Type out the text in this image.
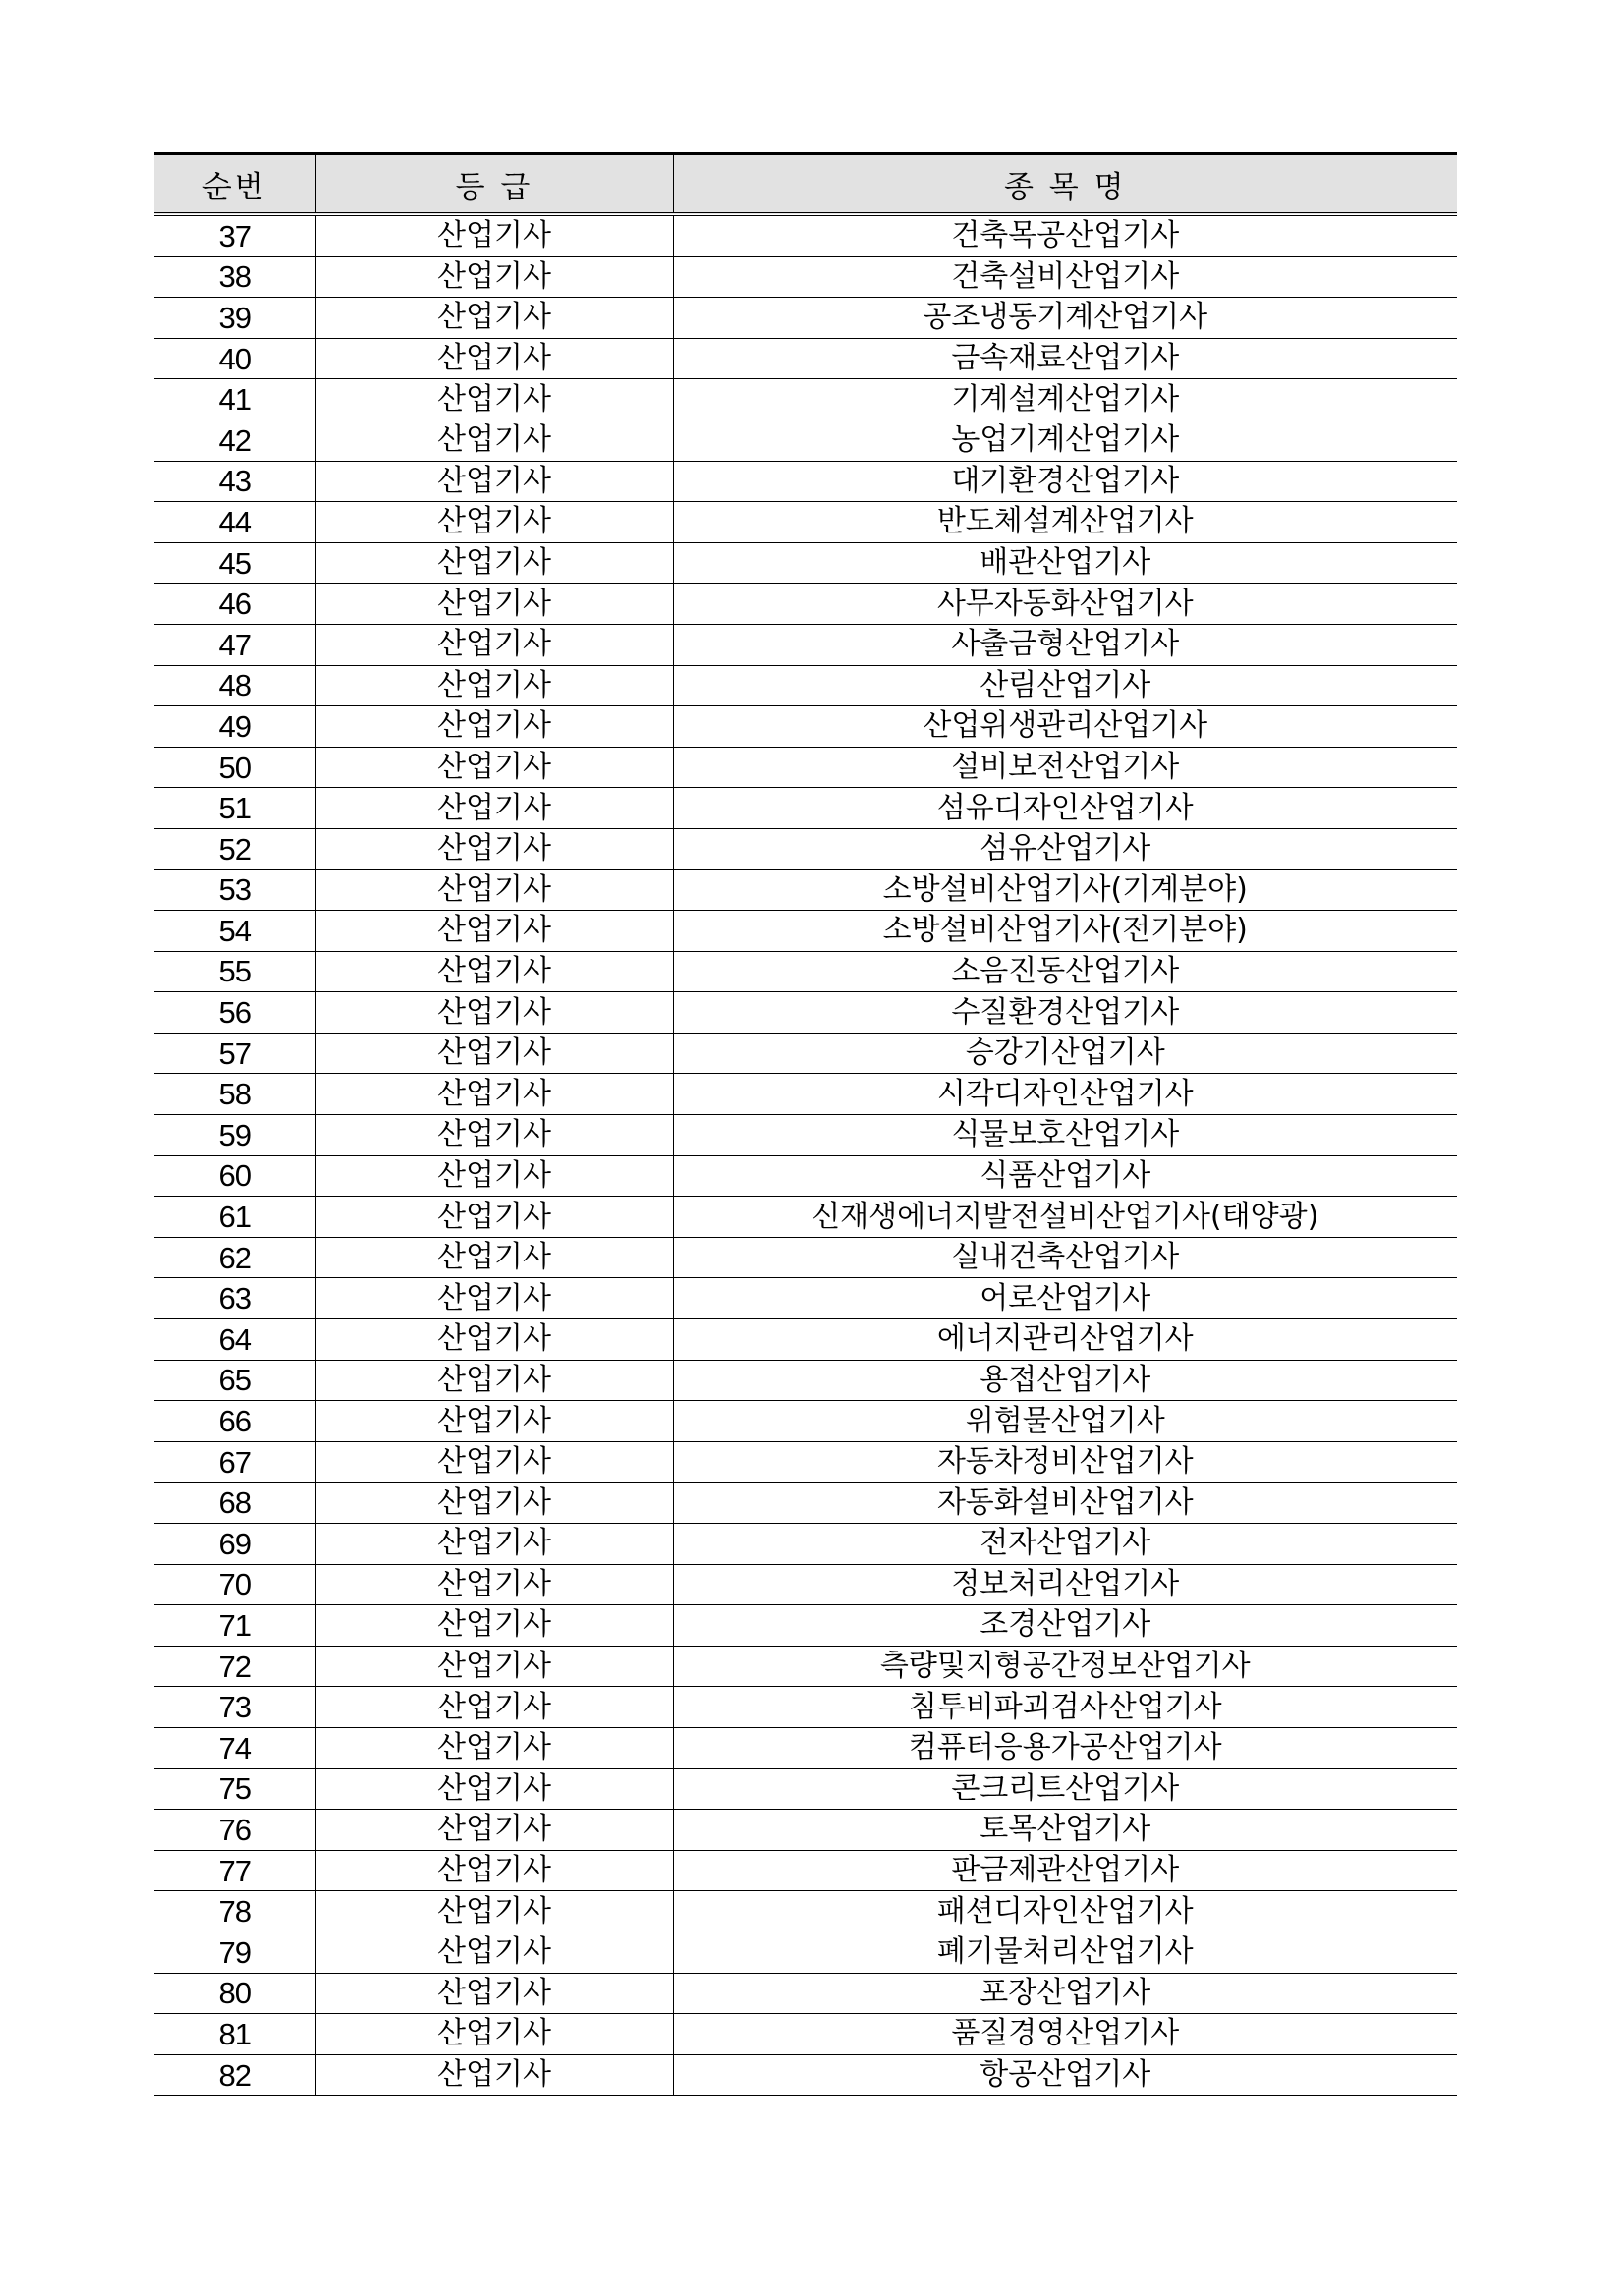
순번	등 급	종 목 명
37	산업기사	건축목공산업기사
38	산업기사	건축설비산업기사
39	산업기사	공조냉동기계산업기사
40	산업기사	금속재료산업기사
41	산업기사	기계설계산업기사
42	산업기사	농업기계산업기사
43	산업기사	대기환경산업기사
44	산업기사	반도체설계산업기사
45	산업기사	배관산업기사
46	산업기사	사무자동화산업기사
47	산업기사	사출금형산업기사
48	산업기사	산림산업기사
49	산업기사	산업위생관리산업기사
50	산업기사	설비보전산업기사
51	산업기사	섬유디자인산업기사
52	산업기사	섬유산업기사
53	산업기사	소방설비산업기사(기계분야)
54	산업기사	소방설비산업기사(전기분야)
55	산업기사	소음진동산업기사
56	산업기사	수질환경산업기사
57	산업기사	승강기산업기사
58	산업기사	시각디자인산업기사
59	산업기사	식물보호산업기사
60	산업기사	식품산업기사
61	산업기사	신재생에너지발전설비산업기사(태양광)
62	산업기사	실내건축산업기사
63	산업기사	어로산업기사
64	산업기사	에너지관리산업기사
65	산업기사	용접산업기사
66	산업기사	위험물산업기사
67	산업기사	자동차정비산업기사
68	산업기사	자동화설비산업기사
69	산업기사	전자산업기사
70	산업기사	정보처리산업기사
71	산업기사	조경산업기사
72	산업기사	측량및지형공간정보산업기사
73	산업기사	침투비파괴검사산업기사
74	산업기사	컴퓨터응용가공산업기사
75	산업기사	콘크리트산업기사
76	산업기사	토목산업기사
77	산업기사	판금제관산업기사
78	산업기사	패션디자인산업기사
79	산업기사	폐기물처리산업기사
80	산업기사	포장산업기사
81	산업기사	품질경영산업기사
82	산업기사	항공산업기사
